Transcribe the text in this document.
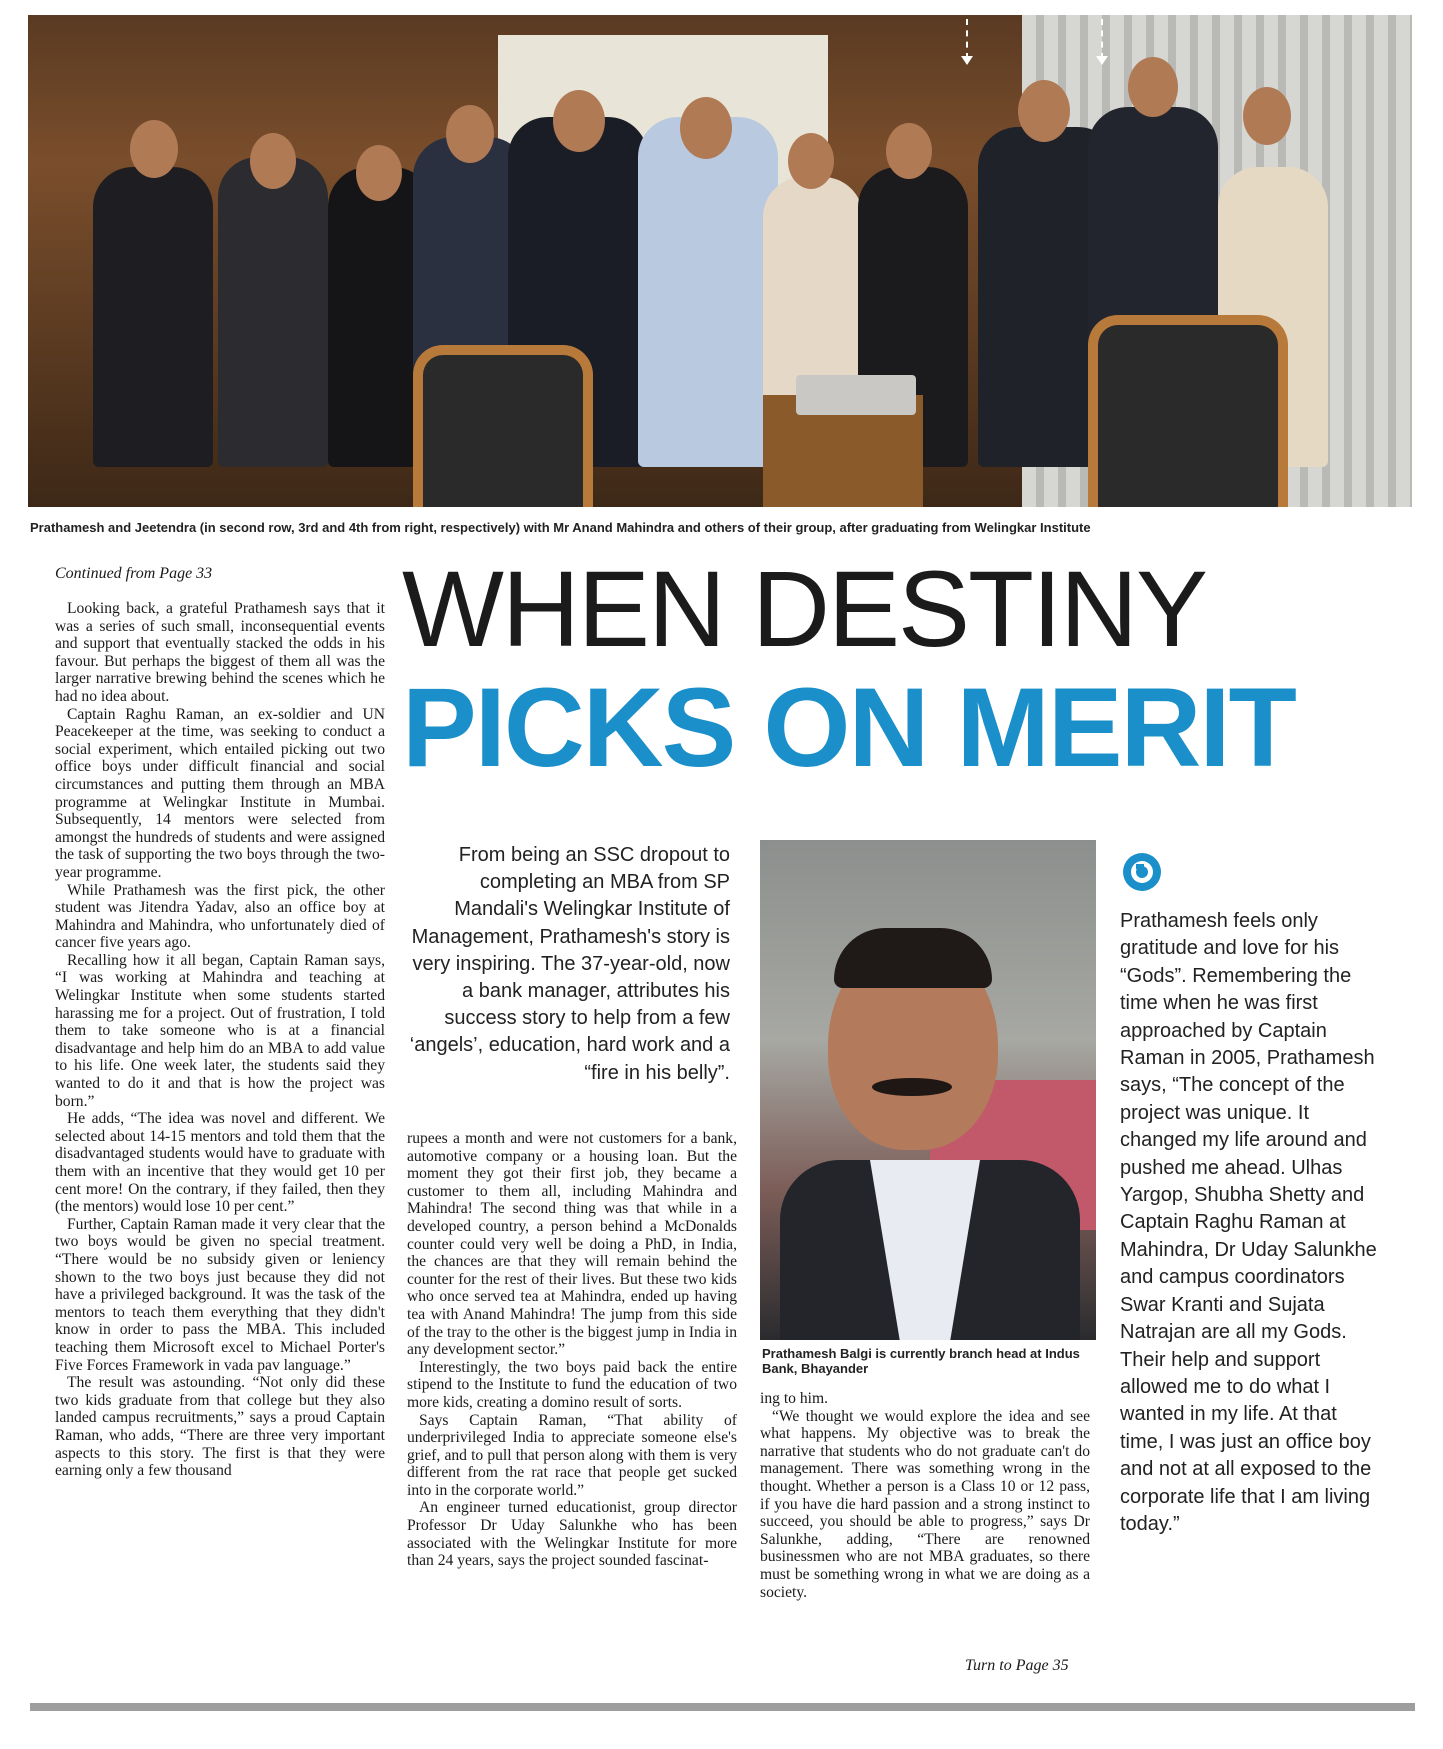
Prathamesh and Jeetendra (in second row, 3rd and 4th from right, respectively) with Mr Anand Mahindra and others of their group, after graduating from Welingkar Institute
Continued from Page 33

Looking back, a grateful Prathamesh says that it was a series of such small, inconsequential events and support that eventually stacked the odds in his favour. But perhaps the biggest of them all was the larger narrative brewing behind the scenes which he had no idea about.

Captain Raghu Raman, an ex-soldier and UN Peacekeeper at the time, was seeking to conduct a social experiment, which entailed picking out two office boys under difficult financial and social circumstances and putting them through an MBA programme at Welingkar Institute in Mumbai. Subsequently, 14 mentors were selected from amongst the hundreds of students and were assigned the task of supporting the two boys through the two-year programme.

While Prathamesh was the first pick, the other student was Jitendra Yadav, also an office boy at Mahindra and Mahindra, who unfortunately died of cancer five years ago.

Recalling how it all began, Captain Raman says, “I was working at Mahindra and teaching at Welingkar Institute when some students started harassing me for a project. Out of frustration, I told them to take someone who is at a financial disadvantage and help him do an MBA to add value to his life. One week later, the students said they wanted to do it and that is how the project was born.”

He adds, “The idea was novel and different. We selected about 14-15 mentors and told them that the disadvantaged students would have to graduate with them with an incentive that they would get 10 per cent more! On the contrary, if they failed, then they (the mentors) would lose 10 per cent.”

Further, Captain Raman made it very clear that the two boys would be given no special treatment. “There would be no subsidy given or leniency shown to the two boys just because they did not have a privileged background. It was the task of the mentors to teach them everything that they didn't know in order to pass the MBA. This included teaching them Microsoft excel to Michael Porter's Five Forces Framework in vada pav language.”

The result was astounding. “Not only did these two kids graduate from that college but they also landed campus recruitments,” says a proud Captain Raman, who adds, “There are three very important aspects to this story. The first is that they were earning only a few thousand

WHEN DESTINY
PICKS ON MERIT
From being an SSC dropout to completing an MBA from SP Mandali's Welingkar Institute of Management, Prathamesh's story is very inspiring. The 37-year-old, now a bank manager, attributes his success story to help from a few ‘angels’, education, hard work and a “fire in his belly”.

rupees a month and were not customers for a bank, automotive company or a housing loan. But the moment they got their first job, they became a customer to them all, including Mahindra and Mahindra! The second thing was that while in a developed country, a person behind a McDonalds counter could very well be doing a PhD, in India, the chances are that they will remain behind the counter for the rest of their lives. But these two kids who once served tea at Mahindra, ended up having tea with Anand Mahindra! The jump from this side of the tray to the other is the biggest jump in India in any development sector.”

Interestingly, the two boys paid back the entire stipend to the Institute to fund the education of two more kids, creating a domino result of sorts.

Says Captain Raman, “That ability of underprivileged India to appreciate someone else's grief, and to pull that person along with them is very different from the rat race that people get sucked into in the corporate world.”

An engineer turned educationist, group director Professor Dr Uday Salunkhe who has been associated with the Welingkar Institute for more than 24 years, says the project sounded fascinat-

Prathamesh Balgi is currently branch head at Indus Bank, Bhayander

ing to him.

“We thought we would explore the idea and see what happens. My objective was to break the narrative that students who do not graduate can't do management. There was something wrong in the thought. Whether a person is a Class 10 or 12 pass, if you have die hard passion and a strong instinct to succeed, you should be able to progress,” says Dr Salunkhe, adding, “There are renowned businessmen who are not MBA graduates, so there must be something wrong in what we are doing as a society.

Prathamesh feels only gratitude and love for his “Gods”. Remembering the time when he was first approached by Captain Raman in 2005, Prathamesh says, “The concept of the project was unique. It changed my life around and pushed me ahead. Ulhas Yargop, Shubha Shetty and Captain Raghu Raman at Mahindra, Dr Uday Salunkhe and campus coordinators Swar Kranti and Sujata Natrajan are all my Gods. Their help and support allowed me to do what I wanted in my life. At that time, I was just an office boy and not at all exposed to the corporate life that I am living today.”
Turn to Page 35
